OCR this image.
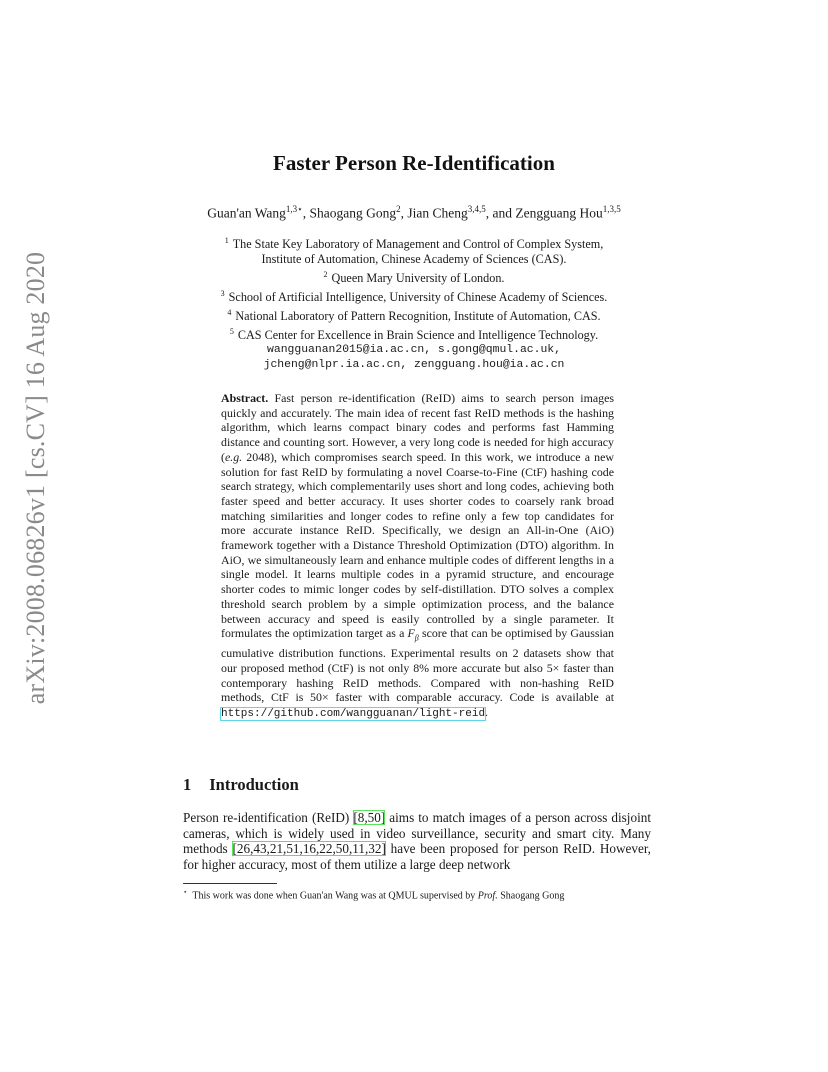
arXiv:2008.06826v1 [cs.CV] 16 Aug 2020
Faster Person Re-Identification
Guan'an Wang$^{1,3⋆}$, Shaogang Gong$^2$, Jian Cheng$^{3,4,5}$, and Zengguang Hou$^{1,3,5}$
$^1$ The State Key Laboratory of Management and Control of Complex System,
Institute of Automation, Chinese Academy of Sciences (CAS).
$^2$ Queen Mary University of London.
$^3$ School of Artificial Intelligence, University of Chinese Academy of Sciences.
$^4$ National Laboratory of Pattern Recognition, Institute of Automation, CAS.
$^5$ CAS Center for Excellence in Brain Science and Intelligence Technology.
wangguanan2015@ia.ac.cn, s.gong@qmul.ac.uk,
jcheng@nlpr.ia.ac.cn, zengguang.hou@ia.ac.cn
Abstract. Fast person re-identification (ReID) aims to search person images quickly and accurately. The main idea of recent fast ReID methods is the hashing algorithm, which learns compact binary codes and performs fast Hamming distance and counting sort. However, a very long code is needed for high accuracy (e.g. 2048), which compromises search speed. In this work, we introduce a new solution for fast ReID by formulating a novel Coarse-to-Fine (CtF) hashing code search strategy, which complementarily uses short and long codes, achieving both faster speed and better accuracy. It uses shorter codes to coarsely rank broad matching similarities and longer codes to refine only a few top candidates for more accurate instance ReID. Specifically, we design an All-in-One (AiO) framework together with a Distance Threshold Optimization (DTO) algorithm. In AiO, we simultaneously learn and enhance multiple codes of different lengths in a single model. It learns multiple codes in a pyramid structure, and encourage shorter codes to mimic longer codes by self-distillation. DTO solves a complex threshold search problem by a simple optimization process, and the balance between accuracy and speed is easily controlled by a single parameter. It formulates the optimization target as a $F_\beta$ score that can be optimised by Gaussian cumulative distribution functions. Experimental results on 2 datasets show that our proposed method (CtF) is not only 8% more accurate but also 5× faster than contemporary hashing ReID methods. Compared with non-hashing ReID methods, CtF is 50× faster with comparable accuracy. Code is available at https://github.com/wangguanan/light-reid.
1 Introduction
Person re-identification (ReID) [8,50] aims to match images of a person across disjoint cameras, which is widely used in video surveillance, security and smart city. Many methods [26,43,21,51,16,22,50,11,32] have been proposed for person ReID. However, for higher accuracy, most of them utilize a large deep network
⋆ This work was done when Guan'an Wang was at QMUL supervised by Prof. Shaogang Gong
